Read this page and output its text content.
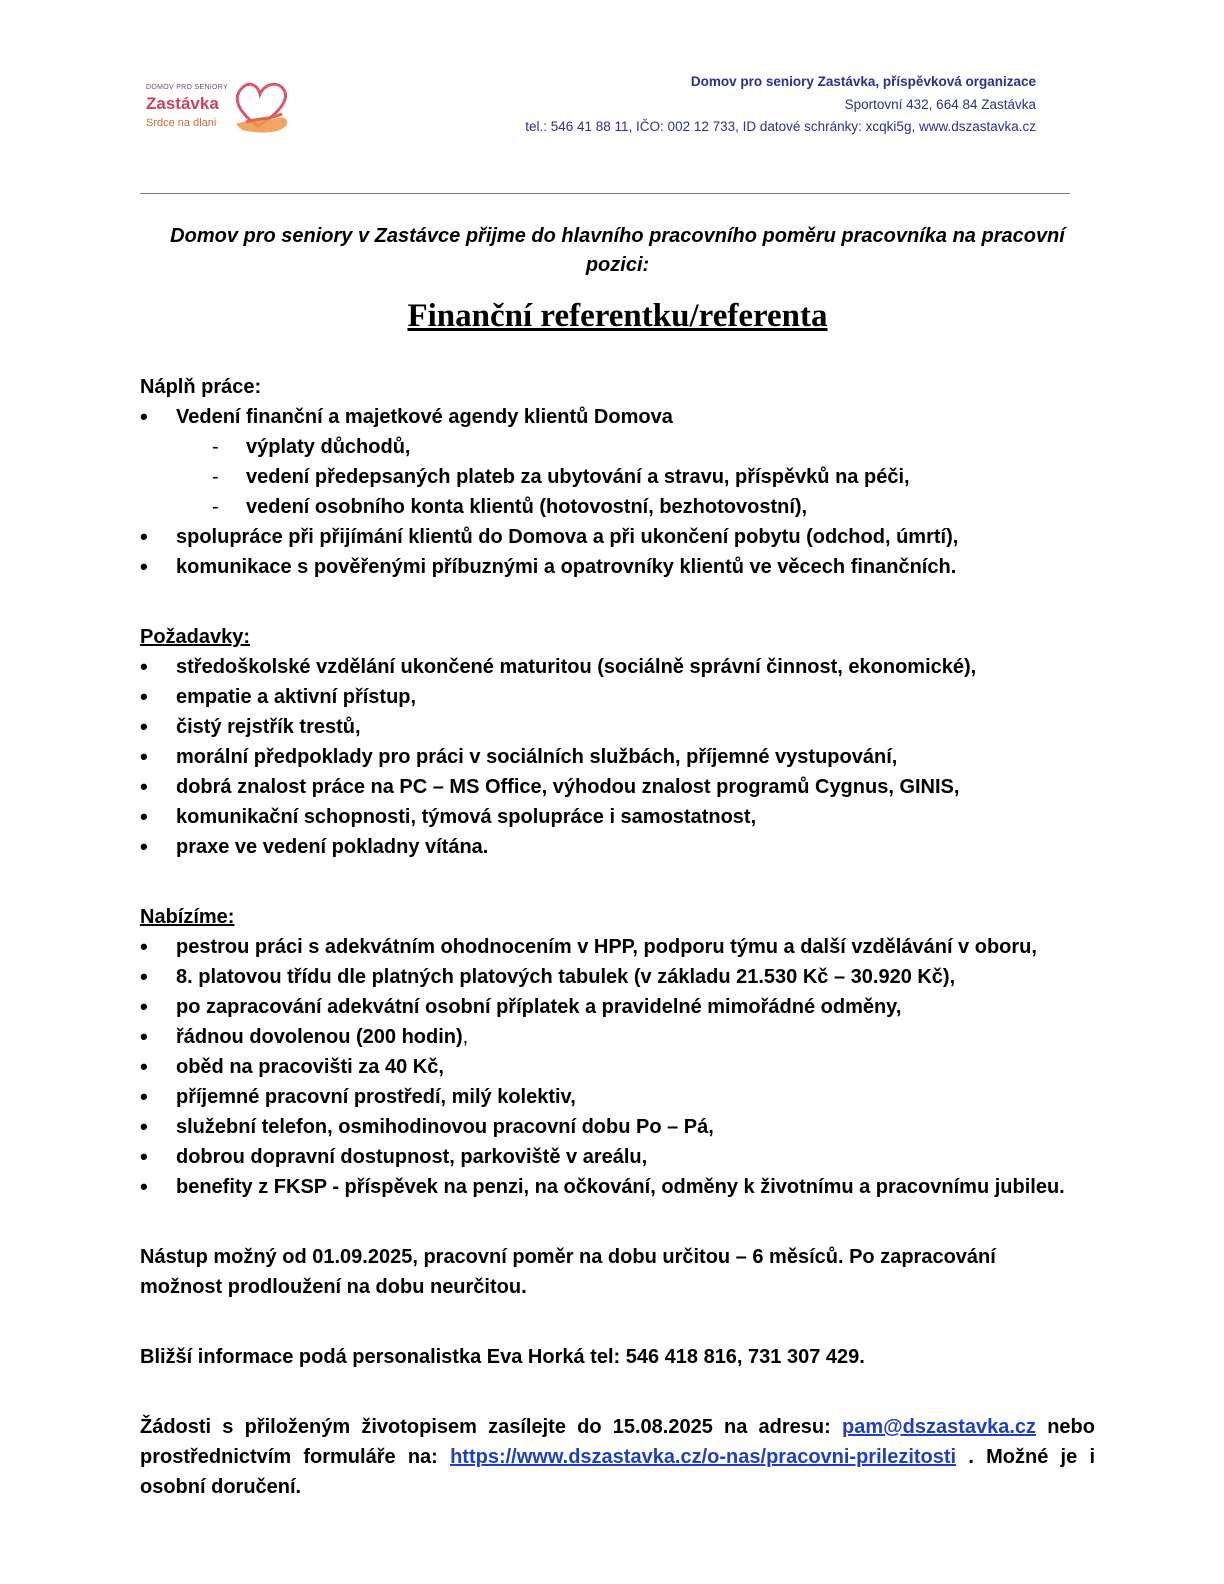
DOMOV PRO SENIORY
Zastávka
Srdce na dlani
Domov pro seniory Zastávka, příspěvková organizace
Sportovní 432, 664 84 Zastávka
tel.: 546 41 88 11, IČO: 002 12 733, ID datové schránky: xcqki5g, www.dszastavka.cz
Domov pro seniory v Zastávce přijme do hlavního pracovního poměru pracovníka na pracovní pozici:
Finanční referentku/referenta
Náplň práce:
• Vedení finanční a majetkové agendy klientů Domova
- výplaty důchodů,
- vedení předepsaných plateb za ubytování a stravu, příspěvků na péči,
- vedení osobního konta klientů (hotovostní, bezhotovostní),
• spolupráce při přijímání klientů do Domova a při ukončení pobytu (odchod, úmrtí),
• komunikace s pověřenými příbuznými a opatrovníky klientů ve věcech finančních.
Požadavky:
• středoškolské vzdělání ukončené maturitou (sociálně správní činnost, ekonomické),
• empatie a aktivní přístup,
• čistý rejstřík trestů,
• morální předpoklady pro práci v sociálních službách, příjemné vystupování,
• dobrá znalost práce na PC – MS Office, výhodou znalost programů Cygnus, GINIS,
• komunikační schopnosti, týmová spolupráce i samostatnost,
• praxe ve vedení pokladny vítána.
Nabízíme:
• pestrou práci s adekvátním ohodnocením v HPP, podporu týmu a další vzdělávání v oboru,
• 8. platovou třídu dle platných platových tabulek (v základu 21.530 Kč – 30.920 Kč),
• po zapracování adekvátní osobní příplatek a pravidelné mimořádné odměny,
• řádnou dovolenou (200 hodin),
• oběd na pracovišti za 40 Kč,
• příjemné pracovní prostředí, milý kolektiv,
• služební telefon, osmihodinovou pracovní dobu Po – Pá,
• dobrou dopravní dostupnost, parkoviště v areálu,
• benefity z FKSP - příspěvek na penzi, na očkování, odměny k životnímu a pracovnímu jubileu.
Nástup možný od 01.09.2025, pracovní poměr na dobu určitou – 6 měsíců. Po zapracování možnost prodloužení na dobu neurčitou.
Bližší informace podá personalistka Eva Horká tel: 546 418 816, 731 307 429.
Žádosti s přiloženým životopisem zasílejte do 15.08.2025 na adresu: pam@dszastavka.cz nebo prostřednictvím formuláře na: https://www.dszastavka.cz/o-nas/pracovni-prilezitosti . Možné je i osobní doručení.
